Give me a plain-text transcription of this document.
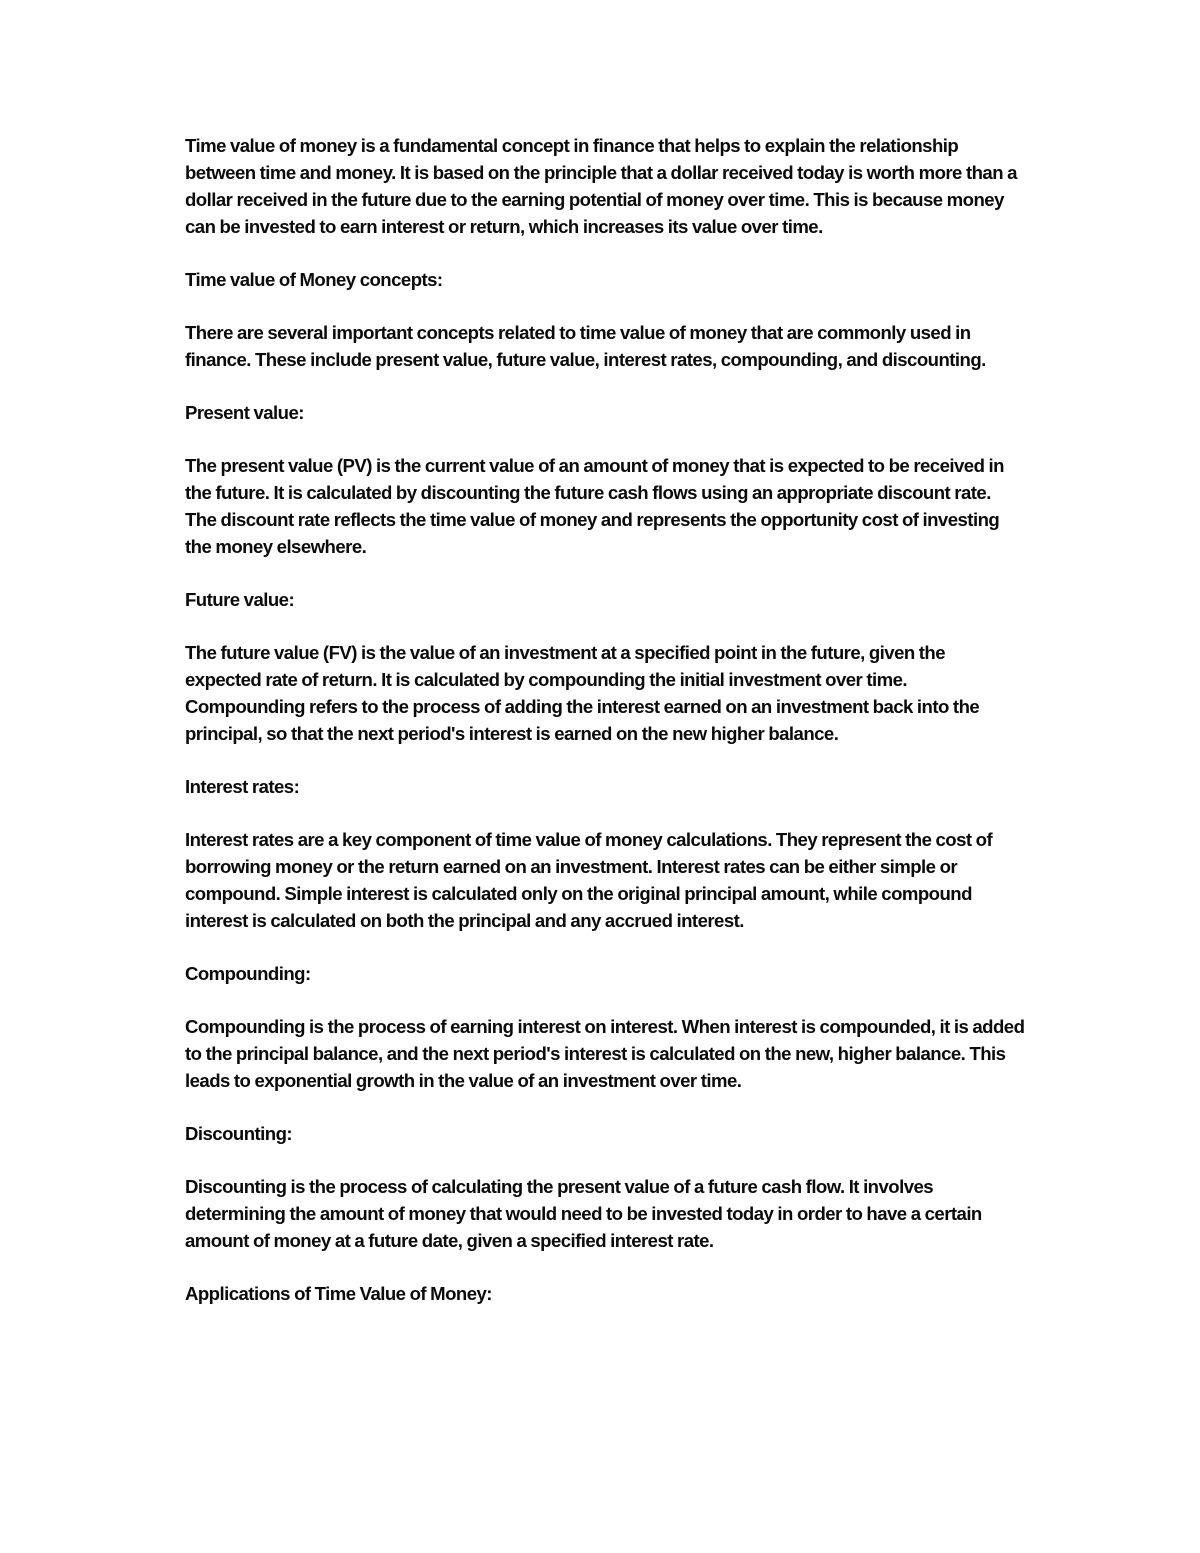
Time value of money is a fundamental concept in finance that helps to explain the relationship between time and money. It is based on the principle that a dollar received today is worth more than a dollar received in the future due to the earning potential of money over time. This is because money can be invested to earn interest or return, which increases its value over time.

Time value of Money concepts:

There are several important concepts related to time value of money that are commonly used in finance. These include present value, future value, interest rates, compounding, and discounting.

Present value:

The present value (PV) is the current value of an amount of money that is expected to be received in the future. It is calculated by discounting the future cash flows using an appropriate discount rate. The discount rate reflects the time value of money and represents the opportunity cost of investing the money elsewhere.

Future value:

The future value (FV) is the value of an investment at a specified point in the future, given the expected rate of return. It is calculated by compounding the initial investment over time. Compounding refers to the process of adding the interest earned on an investment back into the principal, so that the next period's interest is earned on the new higher balance.

Interest rates:

Interest rates are a key component of time value of money calculations. They represent the cost of borrowing money or the return earned on an investment. Interest rates can be either simple or compound. Simple interest is calculated only on the original principal amount, while compound interest is calculated on both the principal and any accrued interest.

Compounding:

Compounding is the process of earning interest on interest. When interest is compounded, it is added to the principal balance, and the next period's interest is calculated on the new, higher balance. This leads to exponential growth in the value of an investment over time.

Discounting:

Discounting is the process of calculating the present value of a future cash flow. It involves determining the amount of money that would need to be invested today in order to have a certain amount of money at a future date, given a specified interest rate.

Applications of Time Value of Money:
